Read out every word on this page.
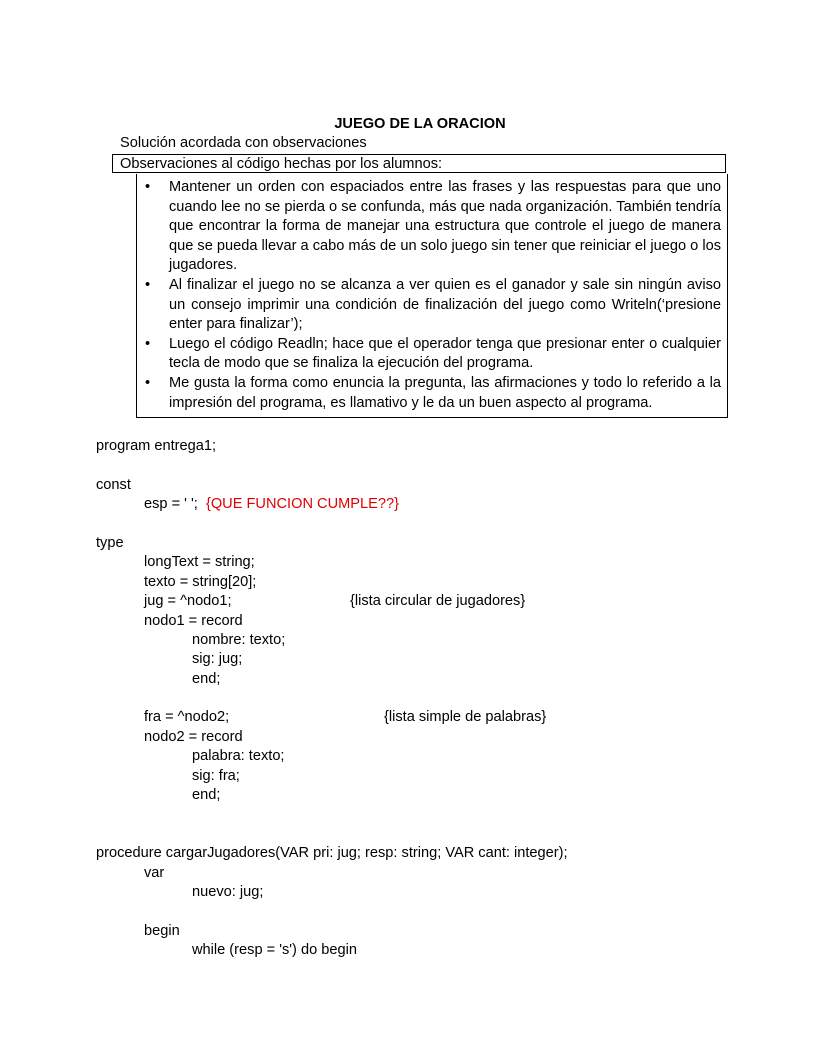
JUEGO DE LA ORACION
Solución acordada con observaciones
Observaciones al código hechas por los alumnos:
• Mantener un orden con espaciados entre las frases y las respuestas para que uno cuando lee no se pierda o se confunda, más que nada organización. También tendría que encontrar la forma de manejar una estructura que controle el juego de manera que se pueda llevar a cabo más de un solo juego sin tener que reiniciar el juego o los jugadores.
• Al finalizar el juego no se alcanza a ver quien es el ganador y sale sin ningún aviso un consejo imprimir una condición de finalización del juego como Writeln(‘presione enter para finalizar’);
• Luego el código Readln; hace que el operador tenga que presionar enter o cualquier tecla de modo que se finaliza la ejecución del programa.
• Me gusta la forma como enuncia la pregunta, las afirmaciones y todo lo referido a la impresión del programa, es llamativo y le da un buen aspecto al programa.
program entrega1;
const
esp = ' '; {QUE FUNCION CUMPLE??}
type
longText = string;
texto = string[20];
jug = ^nodo1;	{lista circular de jugadores}
nodo1 = record
nombre: texto;
sig: jug;
end;
fra = ^nodo2;	{lista simple de palabras}
nodo2 = record
palabra: texto;
sig: fra;
end;
procedure cargarJugadores(VAR pri: jug; resp: string; VAR cant: integer);
var
nuevo: jug;
begin
while (resp = 's') do begin
